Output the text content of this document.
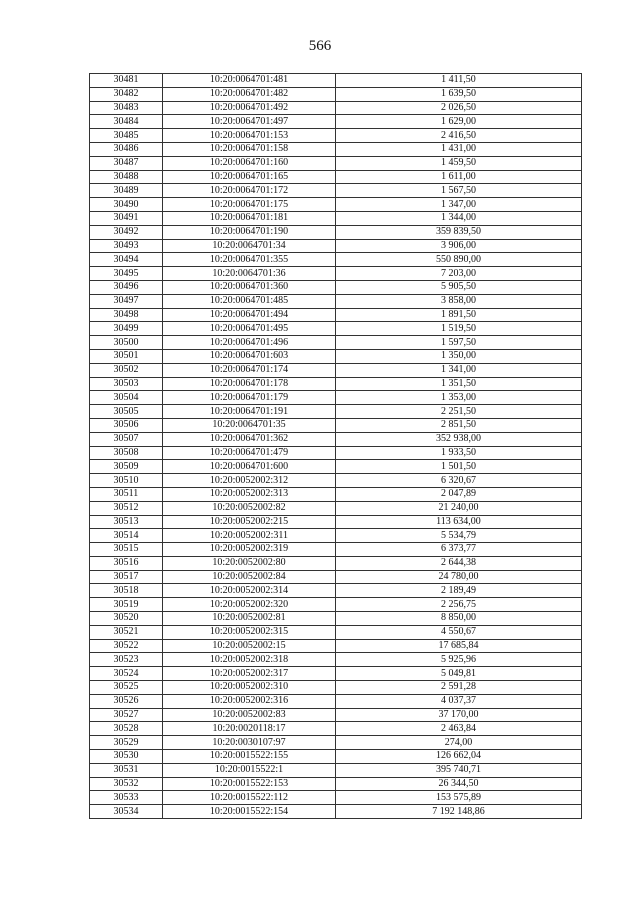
566
30481	10:20:0064701:481	1 411,50
30482	10:20:0064701:482	1 639,50
30483	10:20:0064701:492	2 026,50
30484	10:20:0064701:497	1 629,00
30485	10:20:0064701:153	2 416,50
30486	10:20:0064701:158	1 431,00
30487	10:20:0064701:160	1 459,50
30488	10:20:0064701:165	1 611,00
30489	10:20:0064701:172	1 567,50
30490	10:20:0064701:175	1 347,00
30491	10:20:0064701:181	1 344,00
30492	10:20:0064701:190	359 839,50
30493	10:20:0064701:34	3 906,00
30494	10:20:0064701:355	550 890,00
30495	10:20:0064701:36	7 203,00
30496	10:20:0064701:360	5 905,50
30497	10:20:0064701:485	3 858,00
30498	10:20:0064701:494	1 891,50
30499	10:20:0064701:495	1 519,50
30500	10:20:0064701:496	1 597,50
30501	10:20:0064701:603	1 350,00
30502	10:20:0064701:174	1 341,00
30503	10:20:0064701:178	1 351,50
30504	10:20:0064701:179	1 353,00
30505	10:20:0064701:191	2 251,50
30506	10:20:0064701:35	2 851,50
30507	10:20:0064701:362	352 938,00
30508	10:20:0064701:479	1 933,50
30509	10:20:0064701:600	1 501,50
30510	10:20:0052002:312	6 320,67
30511	10:20:0052002:313	2 047,89
30512	10:20:0052002:82	21 240,00
30513	10:20:0052002:215	113 634,00
30514	10:20:0052002:311	5 534,79
30515	10:20:0052002:319	6 373,77
30516	10:20:0052002:80	2 644,38
30517	10:20:0052002:84	24 780,00
30518	10:20:0052002:314	2 189,49
30519	10:20:0052002:320	2 256,75
30520	10:20:0052002:81	8 850,00
30521	10:20:0052002:315	4 550,67
30522	10:20:0052002:15	17 685,84
30523	10:20:0052002:318	5 925,96
30524	10:20:0052002:317	5 049,81
30525	10:20:0052002:310	2 591,28
30526	10:20:0052002:316	4 037,37
30527	10:20:0052002:83	37 170,00
30528	10:20:0020118:17	2 463,84
30529	10:20:0030107:97	274,00
30530	10:20:0015522:155	126 662,04
30531	10:20:0015522:1	395 740,71
30532	10:20:0015522:153	26 344,50
30533	10:20:0015522:112	153 575,89
30534	10:20:0015522:154	7 192 148,86
